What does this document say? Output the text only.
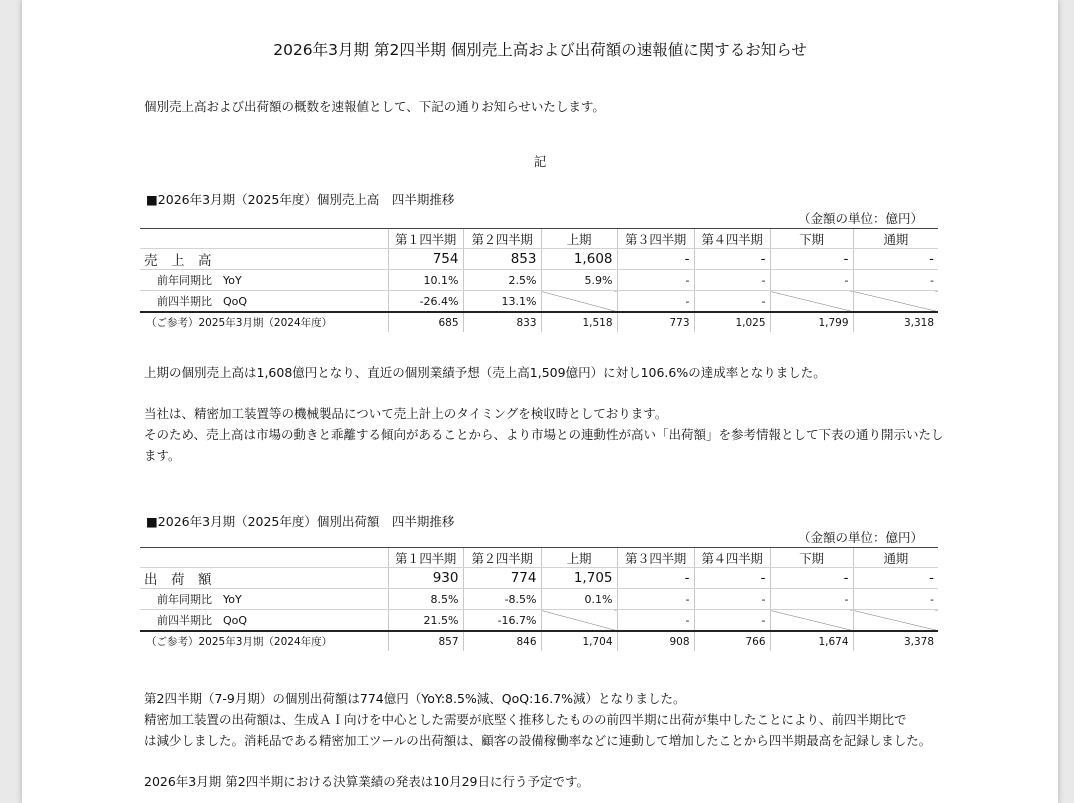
2026年3月期 第2四半期 個別売上高および出荷額の速報値に関するお知らせ
個別売上高および出荷額の概数を速報値として、下記の通りお知らせいたします。
記
■2026年3月期（2025年度）個別売上高　四半期推移
（金額の単位：億円）
	第１四半期	第２四半期	上期	第３四半期	第４四半期	下期	通期
売　上　高	754	853	1,608	-	-	-	-
前年同期比　YoY	10.1%	2.5%	5.9%	-	-	-	-
前四半期比　QoQ	-26.4%	13.1%		-	-		
（ご参考）2025年3月期（2024年度）	685	833	1,518	773	1,025	1,799	3,318
上期の個別売上高は1,608億円となり、直近の個別業績予想（売上高1,509億円）に対し106.6%の達成率となりました。
当社は、精密加工装置等の機械製品について売上計上のタイミングを検収時としております。
そのため、売上高は市場の動きと乖離する傾向があることから、より市場との連動性が高い「出荷額」を参考情報として下表の通り開示いたし
ます。
■2026年3月期（2025年度）個別出荷額　四半期推移
（金額の単位：億円）
	第１四半期	第２四半期	上期	第３四半期	第４四半期	下期	通期
出　荷　額	930	774	1,705	-	-	-	-
前年同期比　YoY	8.5%	-8.5%	0.1%	-	-	-	-
前四半期比　QoQ	21.5%	-16.7%		-	-		
（ご参考）2025年3月期（2024年度）	857	846	1,704	908	766	1,674	3,378
第2四半期（7-9月期）の個別出荷額は774億円（YoY:8.5%減、QoQ:16.7%減）となりました。
精密加工装置の出荷額は、生成ＡＩ向けを中心とした需要が底堅く推移したものの前四半期に出荷が集中したことにより、前四半期比で
は減少しました。消耗品である精密加工ツールの出荷額は、顧客の設備稼働率などに連動して増加したことから四半期最高を記録しました。
2026年3月期 第2四半期における決算業績の発表は10月29日に行う予定です。
